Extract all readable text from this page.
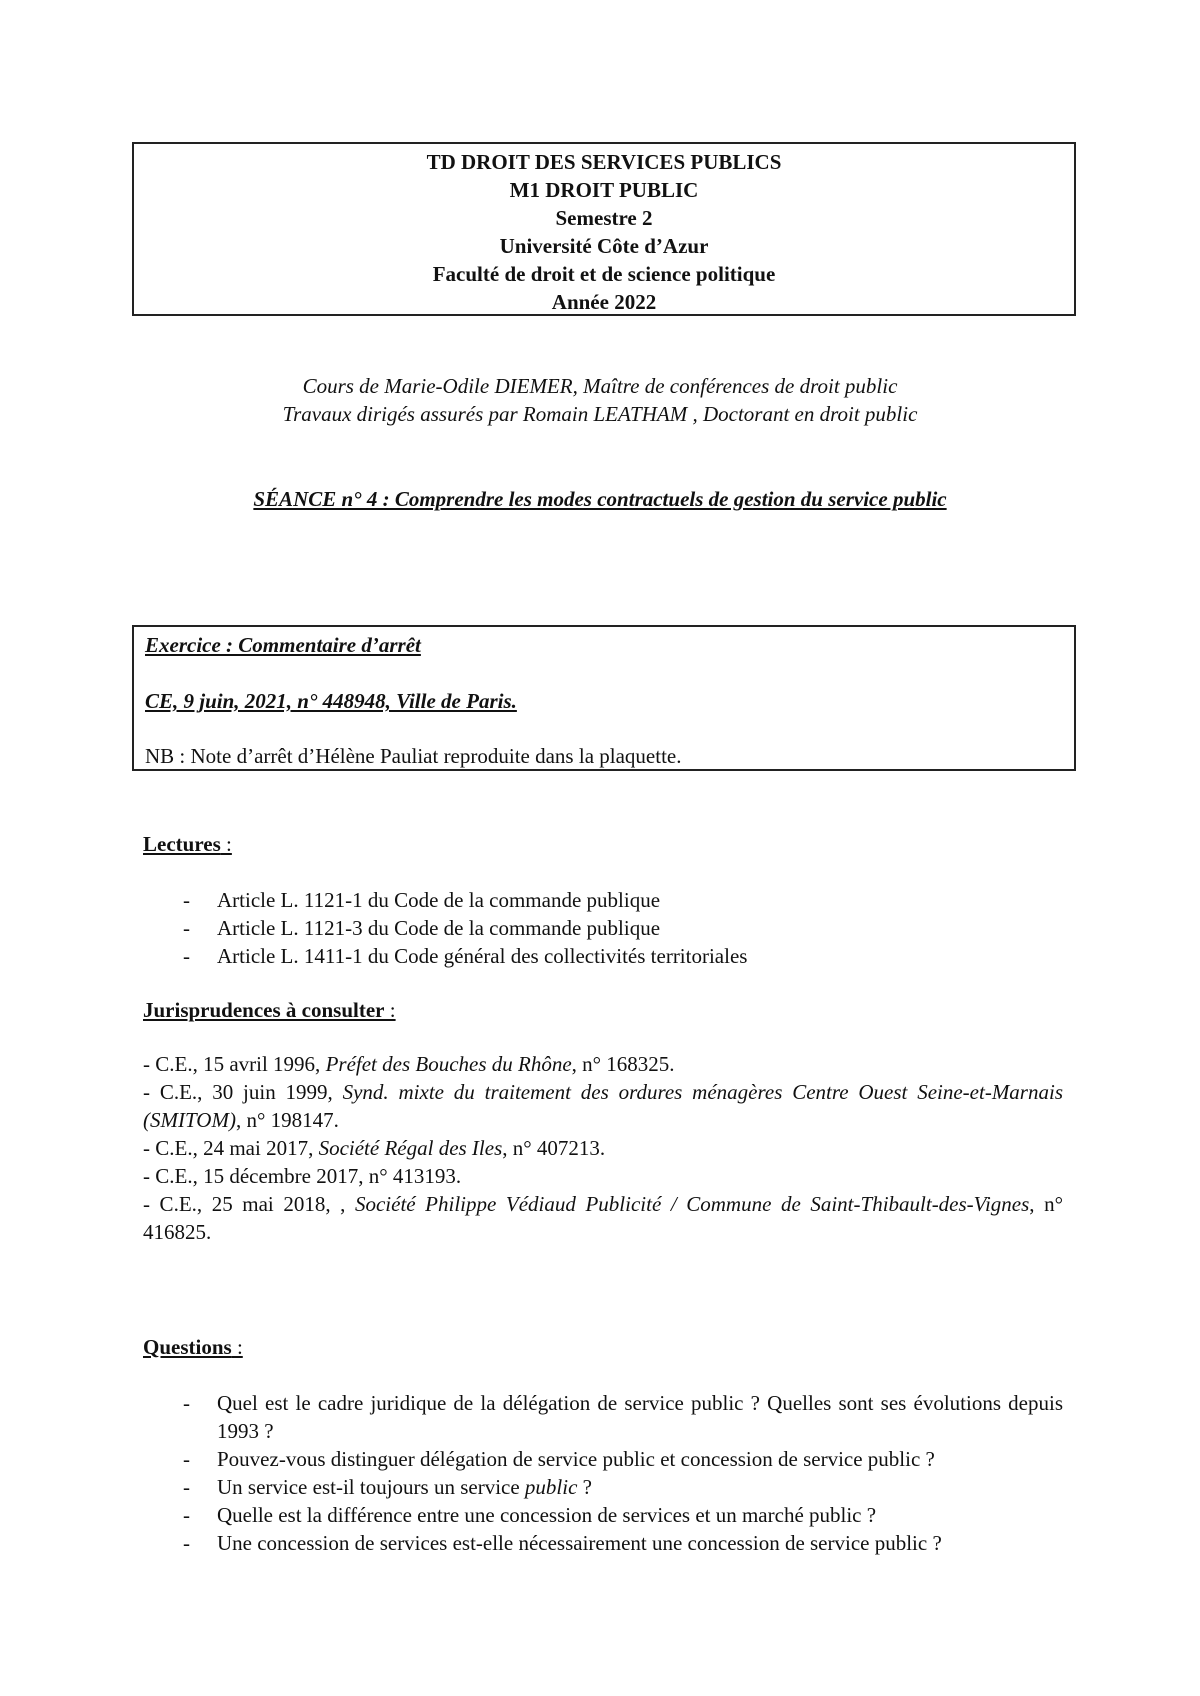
TD DROIT DES SERVICES PUBLICS
M1 DROIT PUBLIC
Semestre 2
Université Côte d’Azur
Faculté de droit et de science politique
Année 2022
Cours de Marie-Odile DIEMER, Maître de conférences de droit public
Travaux dirigés assurés par Romain LEATHAM , Doctorant en droit public
SÉANCE n° 4 : Comprendre les modes contractuels de gestion du service public
Exercice : Commentaire d’arrêt
CE, 9 juin, 2021, n° 448948, Ville de Paris.
NB : Note d’arrêt d’Hélène Pauliat reproduite dans la plaquette.
Lectures :
- Article L. 1121-1 du Code de la commande publique
- Article L. 1121-3 du Code de la commande publique
- Article L. 1411-1 du Code général des collectivités territoriales
Jurisprudences à consulter :

- C.E., 15 avril 1996, Préfet des Bouches du Rhône, n° 168325.

- C.E., 30 juin 1999, Synd. mixte du traitement des ordures ménagères Centre Ouest Seine-et-Marnais (SMITOM), n° 198147.

- C.E., 24 mai 2017, Société Régal des Iles, n° 407213.

- C.E., 15 décembre 2017, n° 413193.

- C.E., 25 mai 2018, , Société Philippe Védiaud Publicité / Commune de Saint-Thibault-des-Vignes, n° 416825.

Questions :
- Quel est le cadre juridique de la délégation de service public ? Quelles sont ses évolutions depuis 1993 ?
- Pouvez-vous distinguer délégation de service public et concession de service public ?
- Un service est-il toujours un service public ?
- Quelle est la différence entre une concession de services et un marché public ?
- Une concession de services est-elle nécessairement une concession de service public ?
